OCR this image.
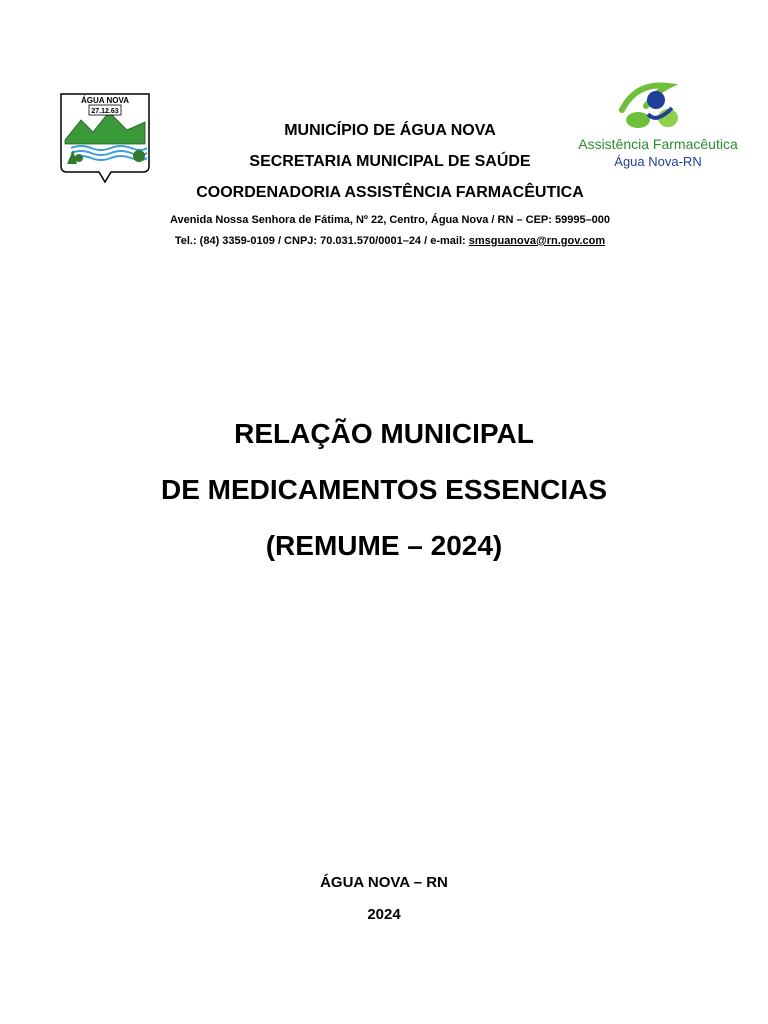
ÁGUA NOVA
27.12.63
Assistência Farmacêutica
Água Nova-RN
MUNICÍPIO DE ÁGUA NOVA
SECRETARIA MUNICIPAL DE SAÚDE
COORDENADORIA ASSISTÊNCIA FARMACÊUTICA
Avenida Nossa Senhora de Fátima, Nº 22, Centro, Água Nova / RN – CEP: 59995–000
Tel.: (84) 3359-0109 / CNPJ: 70.031.570/0001–24 / e-mail: smsguanova@rn.gov.com
RELAÇÃO MUNICIPAL
DE MEDICAMENTOS ESSENCIAS
(REMUME – 2024)
ÁGUA NOVA – RN
2024
